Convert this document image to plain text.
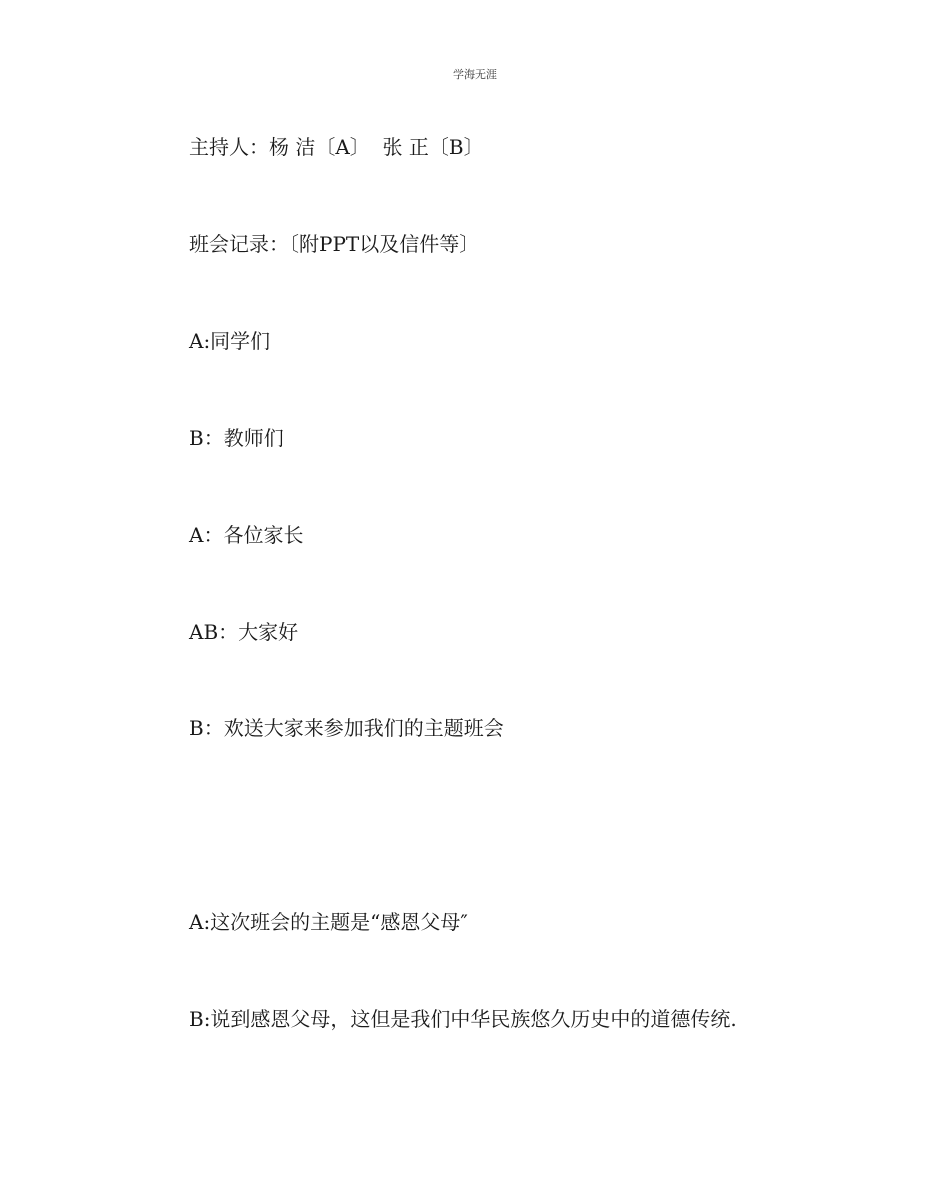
学海无涯
主持人：杨 洁〔A〕  张 正〔B〕
班会记录：〔附PPT以及信件等〕
A:同学们
B：教师们
A：各位家长
AB：大家好
B：欢送大家来参加我们的主题班会
A:这次班会的主题是“感恩父母″
B:说到感恩父母，这但是我们中华民族悠久历史中的道德传统.
